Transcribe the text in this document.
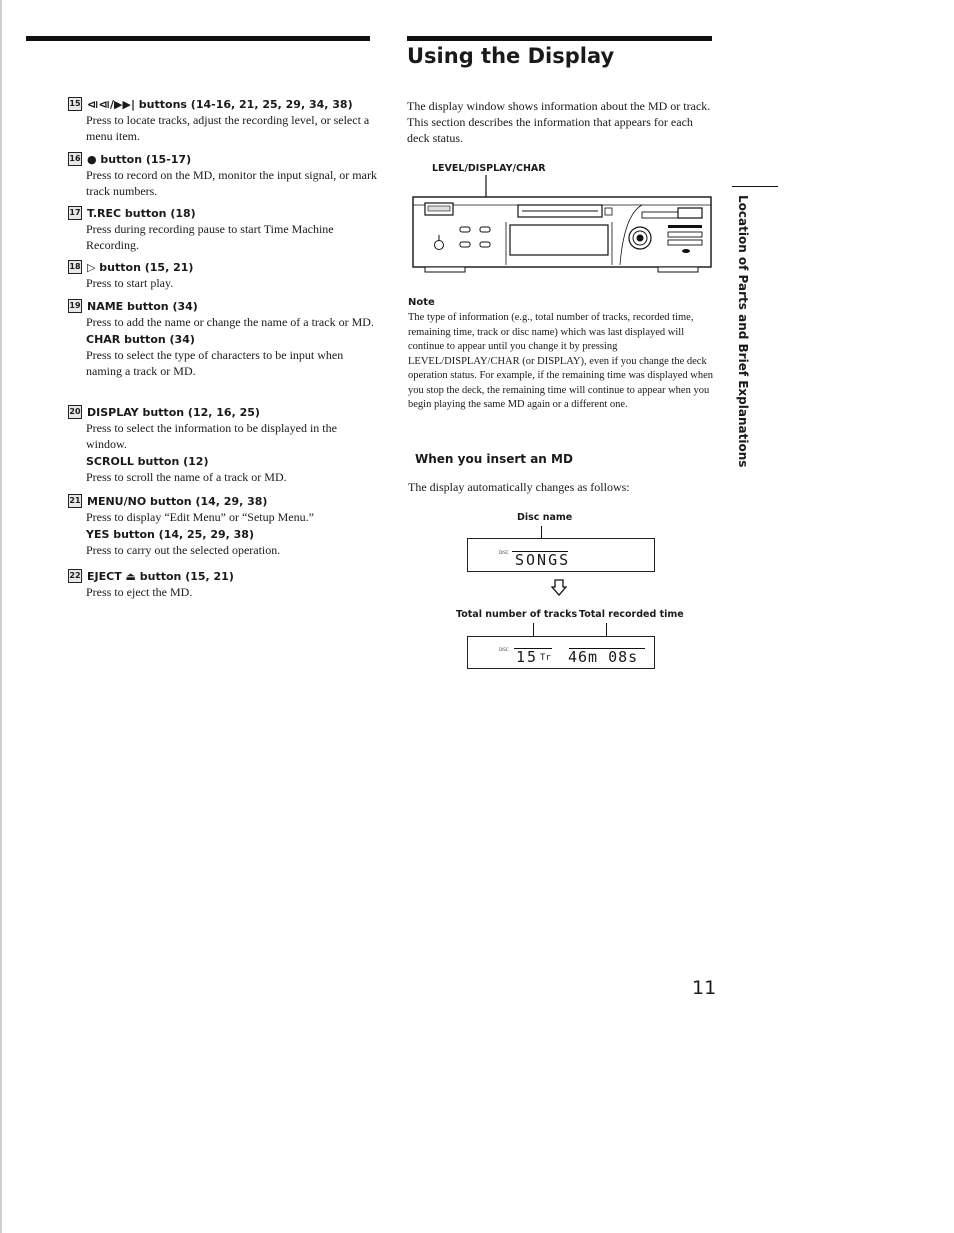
Using the Display
15 ⧏⧏/▶▶| buttons (14-16, 21, 25, 29, 34, 38)
Press to locate tracks, adjust the recording level, or select a menu item.
16 ● button (15-17)
Press to record on the MD, monitor the input signal, or mark track numbers.
17 T.REC button (18)
Press during recording pause to start Time Machine Recording.
18 ▷ button (15, 21)
Press to start play.
19 NAME button (34)
Press to add the name or change the name of a track or MD.
CHAR button (34)
Press to select the type of characters to be input when naming a track or MD.
20 DISPLAY button (12, 16, 25)
Press to select the information to be displayed in the window.
SCROLL button (12)
Press to scroll the name of a track or MD.
21 MENU/NO button (14, 29, 38)
Press to display “Edit Menu” or “Setup Menu.”
YES button (14, 25, 29, 38)
Press to carry out the selected operation.
22 EJECT ⏏ button (15, 21)
Press to eject the MD.
The display window shows information about the MD or track. This section describes the information that appears for each deck status.
LEVEL/DISPLAY/CHAR
Note
The type of information (e.g., total number of tracks, recorded time, remaining time, track or disc name) which was last displayed will continue to appear until you change it by pressing LEVEL/DISPLAY/CHAR (or DISPLAY), even if you change the deck operation status. For example, if the remaining time was displayed when you stop the deck, the remaining time will continue to appear when you begin playing the same MD again or a different one.
When you insert an MD
The display automatically changes as follows:
Disc name
DISC SONGS
Total number of tracks Total recorded time
DISC 15 Tr 46m 08s
Location of Parts and Brief Explanations
11
